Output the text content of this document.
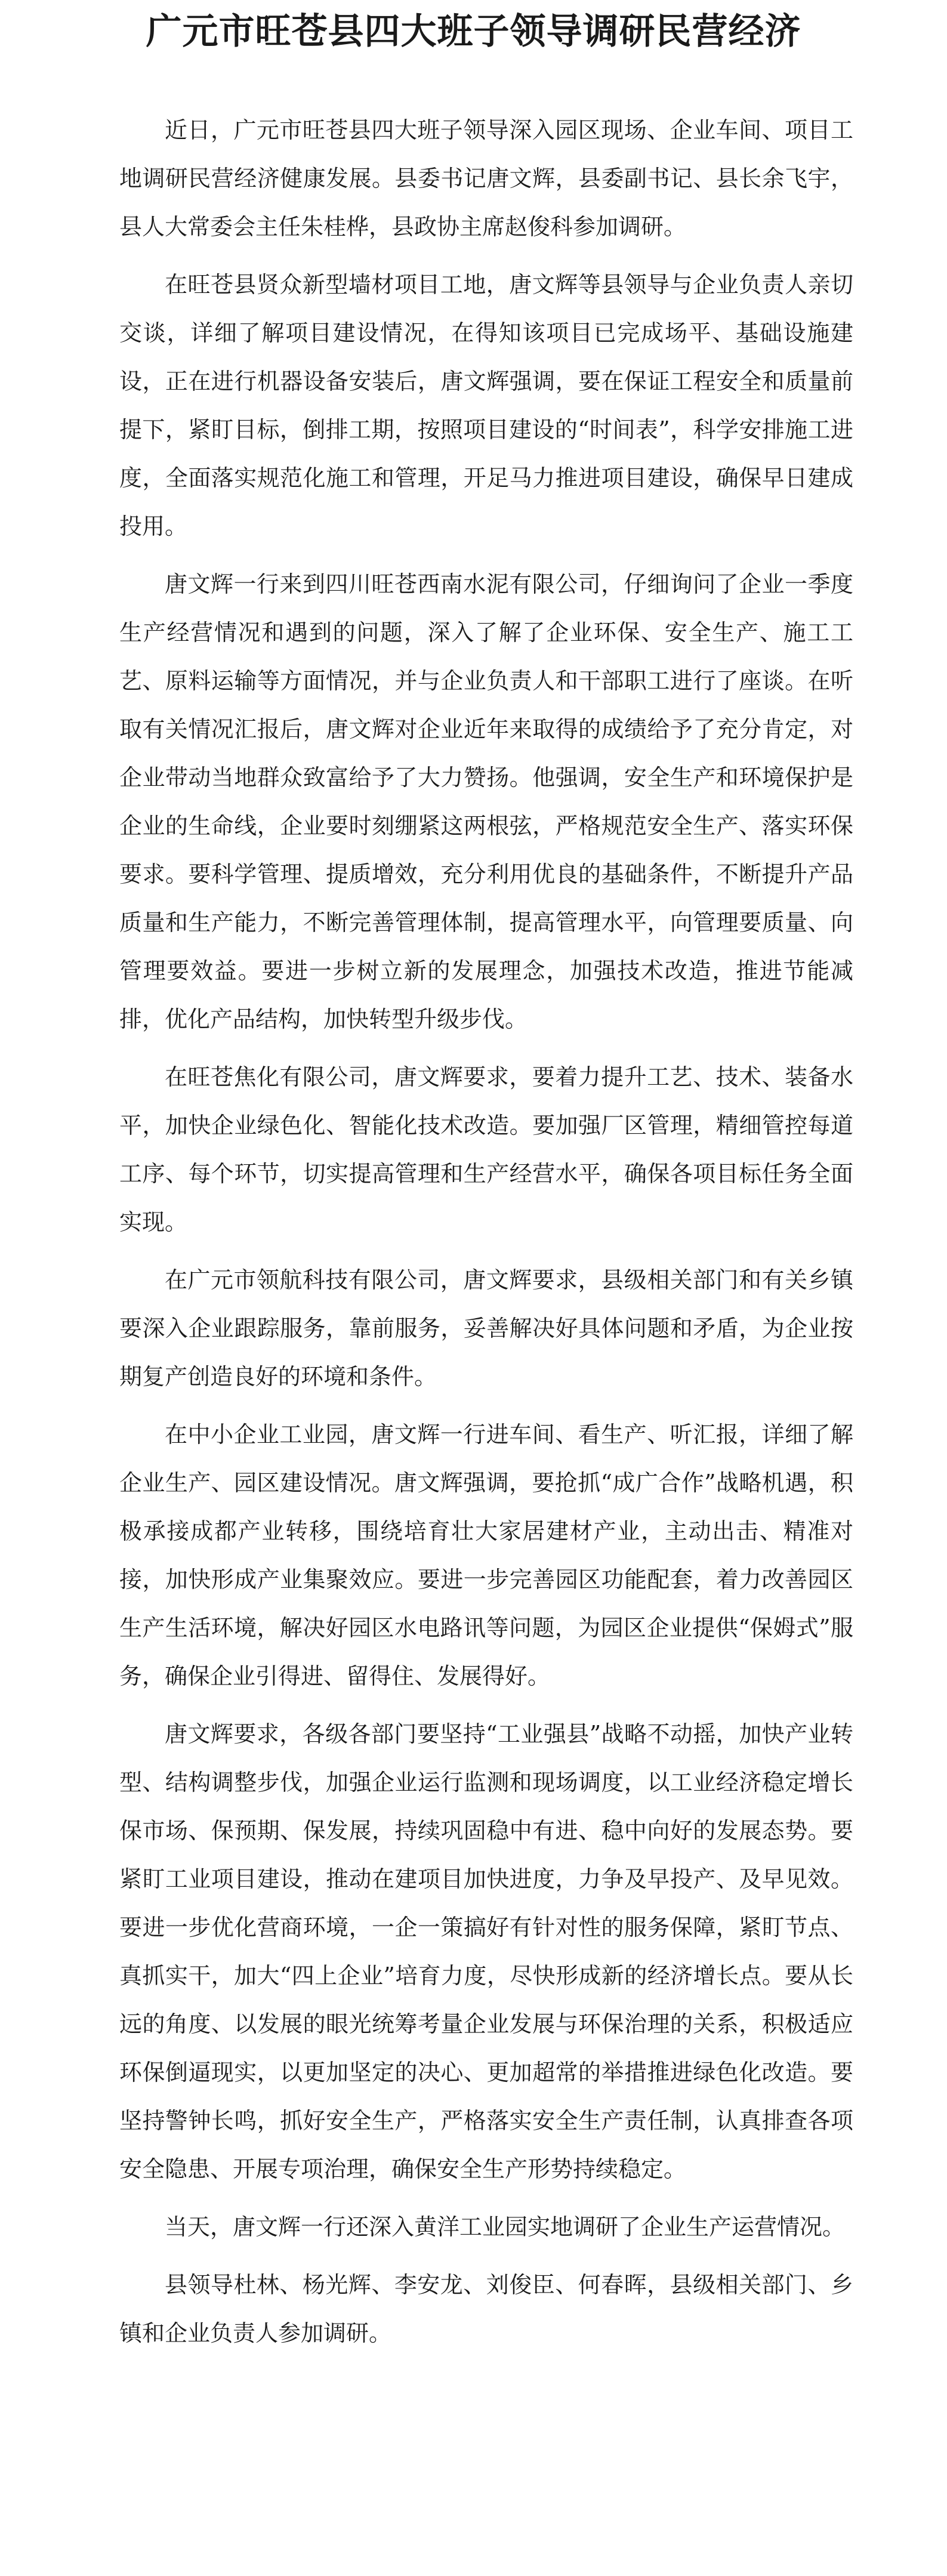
广元市旺苍县四大班子领导调研民营经济

近日，广元市旺苍县四大班子领导深入园区现场、企业车间、项目工地调研民营经济健康发展。县委书记唐文辉，县委副书记、县长余飞宇，县人大常委会主任朱桂桦，县政协主席赵俊科参加调研。

在旺苍县贤众新型墙材项目工地，唐文辉等县领导与企业负责人亲切交谈，详细了解项目建设情况，在得知该项目已完成场平、基础设施建设，正在进行机器设备安装后，唐文辉强调，要在保证工程安全和质量前提下，紧盯目标，倒排工期，按照项目建设的“时间表”，科学安排施工进度，全面落实规范化施工和管理，开足马力推进项目建设，确保早日建成投用。

唐文辉一行来到四川旺苍西南水泥有限公司，仔细询问了企业一季度生产经营情况和遇到的问题，深入了解了企业环保、安全生产、施工工艺、原料运输等方面情况，并与企业负责人和干部职工进行了座谈。在听取有关情况汇报后，唐文辉对企业近年来取得的成绩给予了充分肯定，对企业带动当地群众致富给予了大力赞扬。他强调，安全生产和环境保护是企业的生命线，企业要时刻绷紧这两根弦，严格规范安全生产、落实环保要求。要科学管理、提质增效，充分利用优良的基础条件，不断提升产品质量和生产能力，不断完善管理体制，提高管理水平，向管理要质量、向管理要效益。要进一步树立新的发展理念，加强技术改造，推进节能减排，优化产品结构，加快转型升级步伐。

在旺苍焦化有限公司，唐文辉要求，要着力提升工艺、技术、装备水平，加快企业绿色化、智能化技术改造。要加强厂区管理，精细管控每道工序、每个环节，切实提高管理和生产经营水平，确保各项目标任务全面实现。

在广元市领航科技有限公司，唐文辉要求，县级相关部门和有关乡镇要深入企业跟踪服务，靠前服务，妥善解决好具体问题和矛盾，为企业按期复产创造良好的环境和条件。

在中小企业工业园，唐文辉一行进车间、看生产、听汇报，详细了解企业生产、园区建设情况。唐文辉强调，要抢抓“成广合作”战略机遇，积极承接成都产业转移，围绕培育壮大家居建材产业，主动出击、精准对接，加快形成产业集聚效应。要进一步完善园区功能配套，着力改善园区生产生活环境，解决好园区水电路讯等问题，为园区企业提供“保姆式”服务，确保企业引得进、留得住、发展得好。

唐文辉要求，各级各部门要坚持“工业强县”战略不动摇，加快产业转型、结构调整步伐，加强企业运行监测和现场调度，以工业经济稳定增长保市场、保预期、保发展，持续巩固稳中有进、稳中向好的发展态势。要紧盯工业项目建设，推动在建项目加快进度，力争及早投产、及早见效。要进一步优化营商环境，一企一策搞好有针对性的服务保障，紧盯节点、真抓实干，加大“四上企业”培育力度，尽快形成新的经济增长点。要从长远的角度、以发展的眼光统筹考量企业发展与环保治理的关系，积极适应环保倒逼现实，以更加坚定的决心、更加超常的举措推进绿色化改造。要坚持警钟长鸣，抓好安全生产，严格落实安全生产责任制，认真排查各项安全隐患、开展专项治理，确保安全生产形势持续稳定。

当天，唐文辉一行还深入黄洋工业园实地调研了企业生产运营情况。

县领导杜林、杨光辉、李安龙、刘俊臣、何春晖，县级相关部门、乡镇和企业负责人参加调研。
